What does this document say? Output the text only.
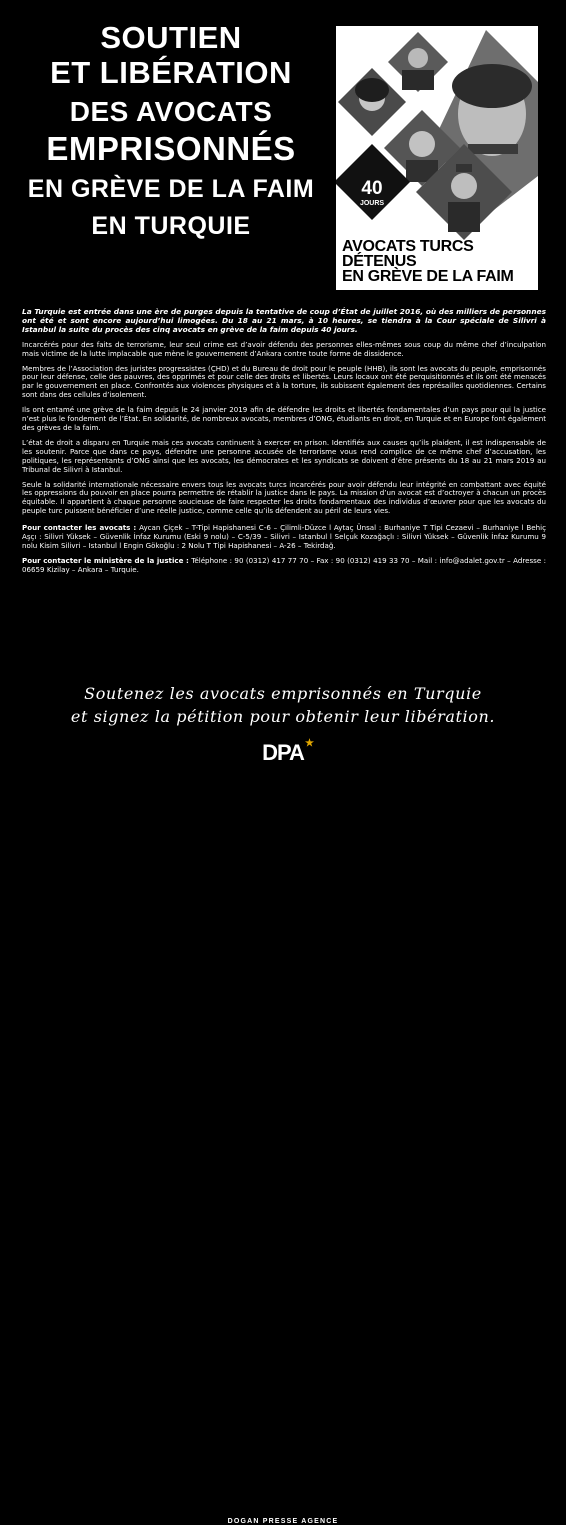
SOUTIEN
ET LIBÉRATION
DES AVOCATS
EMPRISONNÉS
EN GRÈVE DE LA FAIM
EN TURQUIE
40
JOURS
AVOCATS TURCS
DÉTENUS
EN GRÈVE DE LA FAIM

La Turquie est entrée dans une ère de purges depuis la tentative de coup d’État de juillet 2016, où des milliers de personnes ont été et sont encore aujourd’hui limogées. Du 18 au 21 mars, à 10 heures, se tiendra à la Cour spéciale de Silivri à Istanbul la suite du procès des cinq avocats en grève de la faim depuis 40 jours.

Incarcérés pour des faits de terrorisme, leur seul crime est d’avoir défendu des personnes elles-mêmes sous coup du même chef d’inculpation mais victime de la lutte implacable que mène le gouvernement d’Ankara contre toute forme de dissidence.

Membres de l’Association des juristes progressistes (ÇHD) et du Bureau de droit pour le peuple (HHB), ils sont les avocats du peuple, emprisonnés pour leur défense, celle des pauvres, des opprimés et pour celle des droits et libertés. Leurs locaux ont été perquisitionnés et ils ont été menacés par le gouvernement en place. Confrontés aux violences physiques et à la torture, ils subissent également des représailles quotidiennes. Certains sont dans des cellules d’isolement.

Ils ont entamé une grève de la faim depuis le 24 janvier 2019 afin de défendre les droits et libertés fondamentales d’un pays pour qui la justice n’est plus le fondement de l’État. En solidarité, de nombreux avocats, membres d’ONG, étudiants en droit, en Turquie et en Europe font également des grèves de la faim.

L’état de droit a disparu en Turquie mais ces avocats continuent à exercer en prison. Identifiés aux causes qu’ils plaident, il est indispensable de les soutenir. Parce que dans ce pays, défendre une personne accusée de terrorisme vous rend complice de ce même chef d’accusation, les politiques, les représentants d’ONG ainsi que les avocats, les démocrates et les syndicats se doivent d’être présents du 18 au 21 mars 2019 au Tribunal de Silivri à Istanbul.

Seule la solidarité internationale nécessaire envers tous les avocats turcs incarcérés pour avoir défendu leur intégrité en combattant avec équité les oppressions du pouvoir en place pourra permettre de rétablir la justice dans le pays. La mission d’un avocat est d’octroyer à chacun un procès équitable. Il appartient à chaque personne soucieuse de faire respecter les droits fondamentaux des individus d’œuvrer pour que les avocats du peuple turc puissent bénéficier d’une réelle justice, comme celle qu’ils défendent au péril de leurs vies.

Pour contacter les avocats : Aycan Çiçek – T-Tipi Hapishanesi C-6 – Çilimli-Düzce l Aytaç Ünsal : Burhaniye T Tipi Cezaevi – Burhaniye l Behiç Aşçı : Silivri Yüksek – Güvenlik İnfaz Kurumu (Eski 9 nolu) – C-5/39 – Silivri – Istanbul l Selçuk Kozağaçlı : Silivri Yüksek – Güvenlik İnfaz Kurumu 9 nolu Kisim Silivri – Istanbul l Engin Gökoğlu : 2 Nolu T Tipi Hapishanesi – A-26 – Tekirdağ.

Pour contacter le ministère de la justice : Téléphone : 90 (0312) 417 77 70 – Fax : 90 (0312) 419 33 70 – Mail : info@adalet.gov.tr – Adresse : 06659 Kizilay – Ankara – Turquie.

Soutenez les avocats emprisonnés en Turquie
et signez la pétition pour obtenir leur libération.
DPA ★
DOGAN PRESSE AGENCE
